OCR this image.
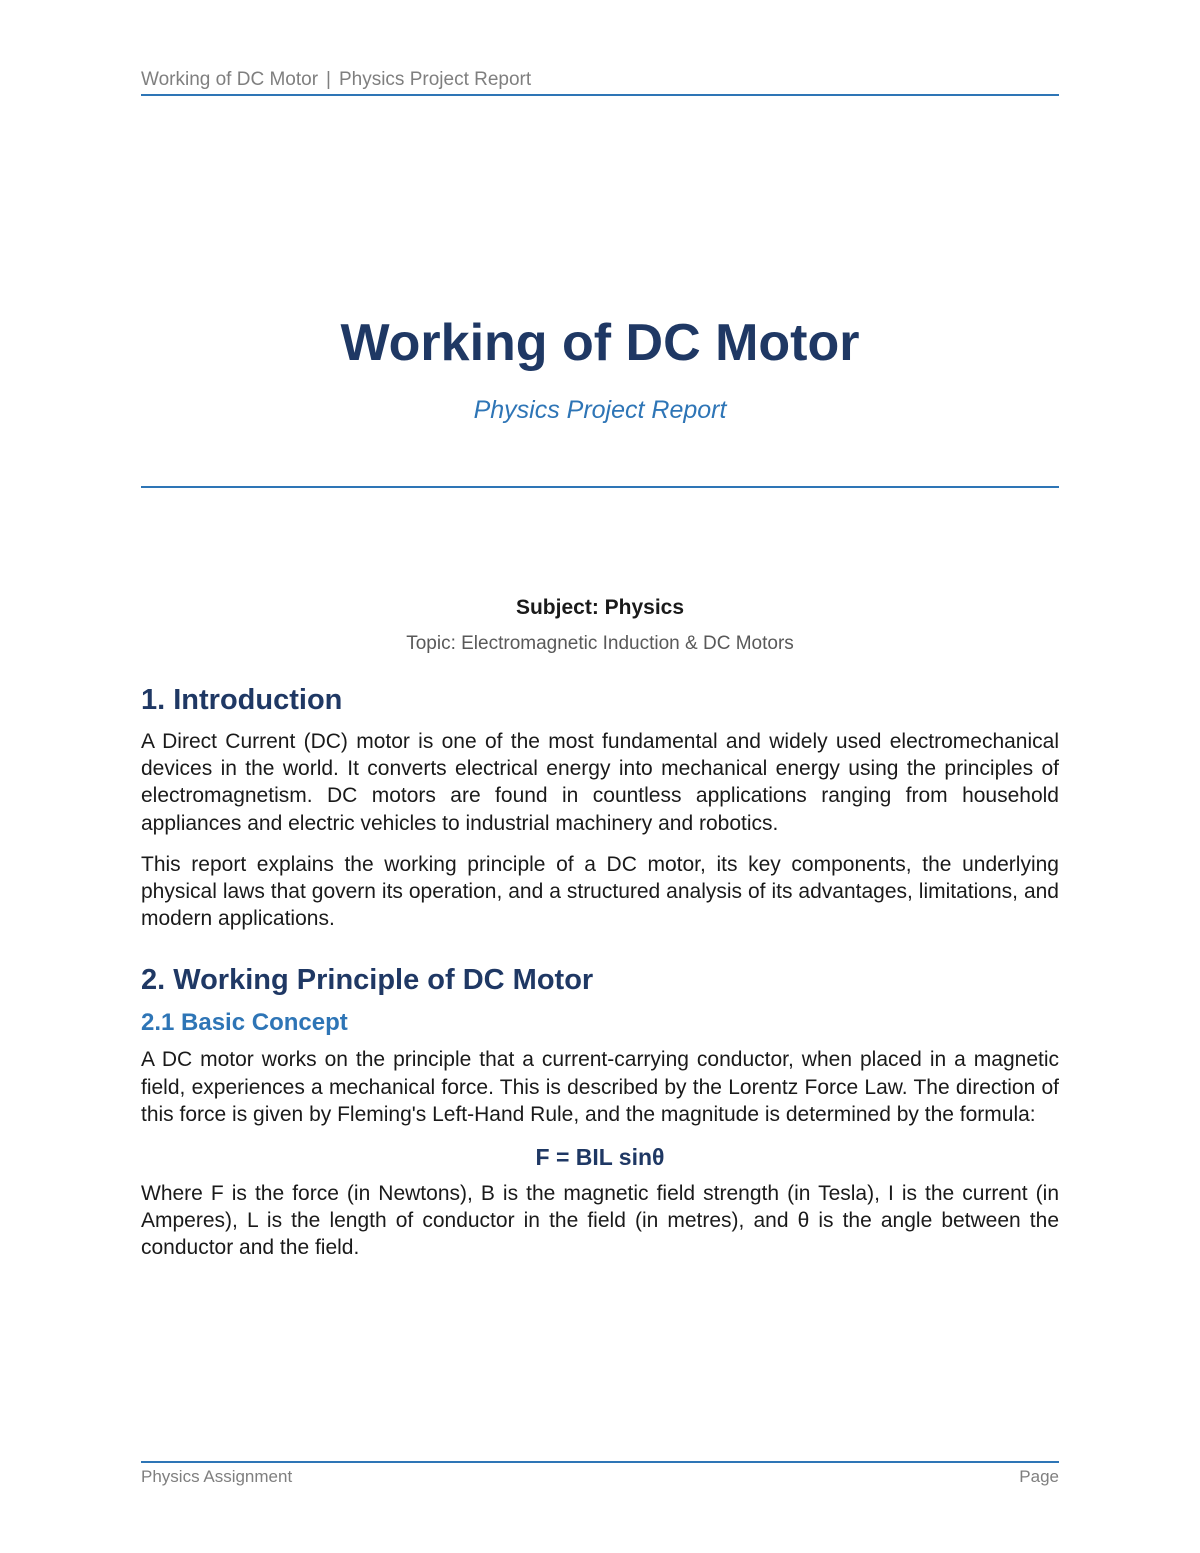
Working of DC Motor | Physics Project Report
Working of DC Motor
Physics Project Report
Subject: Physics
Topic: Electromagnetic Induction & DC Motors
1. Introduction

A Direct Current (DC) motor is one of the most fundamental and widely used electromechanical devices in the world. It converts electrical energy into mechanical energy using the principles of electromagnetism. DC motors are found in countless applications ranging from household appliances and electric vehicles to industrial machinery and robotics.

This report explains the working principle of a DC motor, its key components, the underlying physical laws that govern its operation, and a structured analysis of its advantages, limitations, and modern applications.

2. Working Principle of DC Motor
2.1 Basic Concept

A DC motor works on the principle that a current-carrying conductor, when placed in a magnetic field, experiences a mechanical force. This is described by the Lorentz Force Law. The direction of this force is given by Fleming's Left-Hand Rule, and the magnitude is determined by the formula:

F = BIL sinθ

Where F is the force (in Newtons), B is the magnetic field strength (in Tesla), I is the current (in Amperes), L is the length of conductor in the field (in metres), and θ is the angle between the conductor and the field.

Physics Assignment	Page
